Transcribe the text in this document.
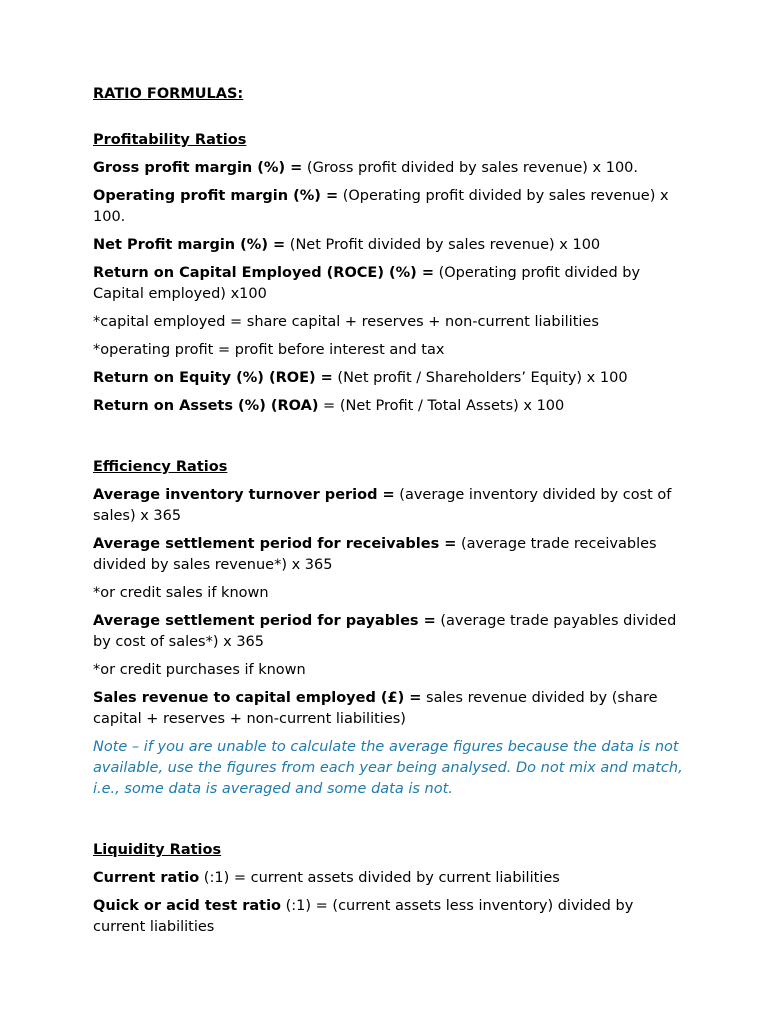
RATIO FORMULAS:
Profitability Ratios

Gross profit margin (%) = (Gross profit divided by sales revenue) x 100.

Operating profit margin (%) = (Operating profit divided by sales revenue) x 100.

Net Profit margin (%) = (Net Profit divided by sales revenue) x 100

Return on Capital Employed (ROCE) (%) = (Operating profit divided by Capital employed) x100

*capital employed = share capital + reserves + non-current liabilities

*operating profit = profit before interest and tax

Return on Equity (%) (ROE) = (Net profit / Shareholders’ Equity) x 100

Return on Assets (%) (ROA) = (Net Profit / Total Assets) x 100

Efficiency Ratios

Average inventory turnover period = (average inventory divided by cost of sales) x 365

Average settlement period for receivables = (average trade receivables divided by sales revenue*) x 365

*or credit sales if known

Average settlement period for payables = (average trade payables divided by cost of sales*) x 365

*or credit purchases if known

Sales revenue to capital employed (£) = sales revenue divided by (share capital + reserves + non-current liabilities)

Note – if you are unable to calculate the average figures because the data is not available, use the figures from each year being analysed. Do not mix and match, i.e., some data is averaged and some data is not.

Liquidity Ratios

Current ratio (:1) = current assets divided by current liabilities

Quick or acid test ratio (:1) = (current assets less inventory) divided by current liabilities
